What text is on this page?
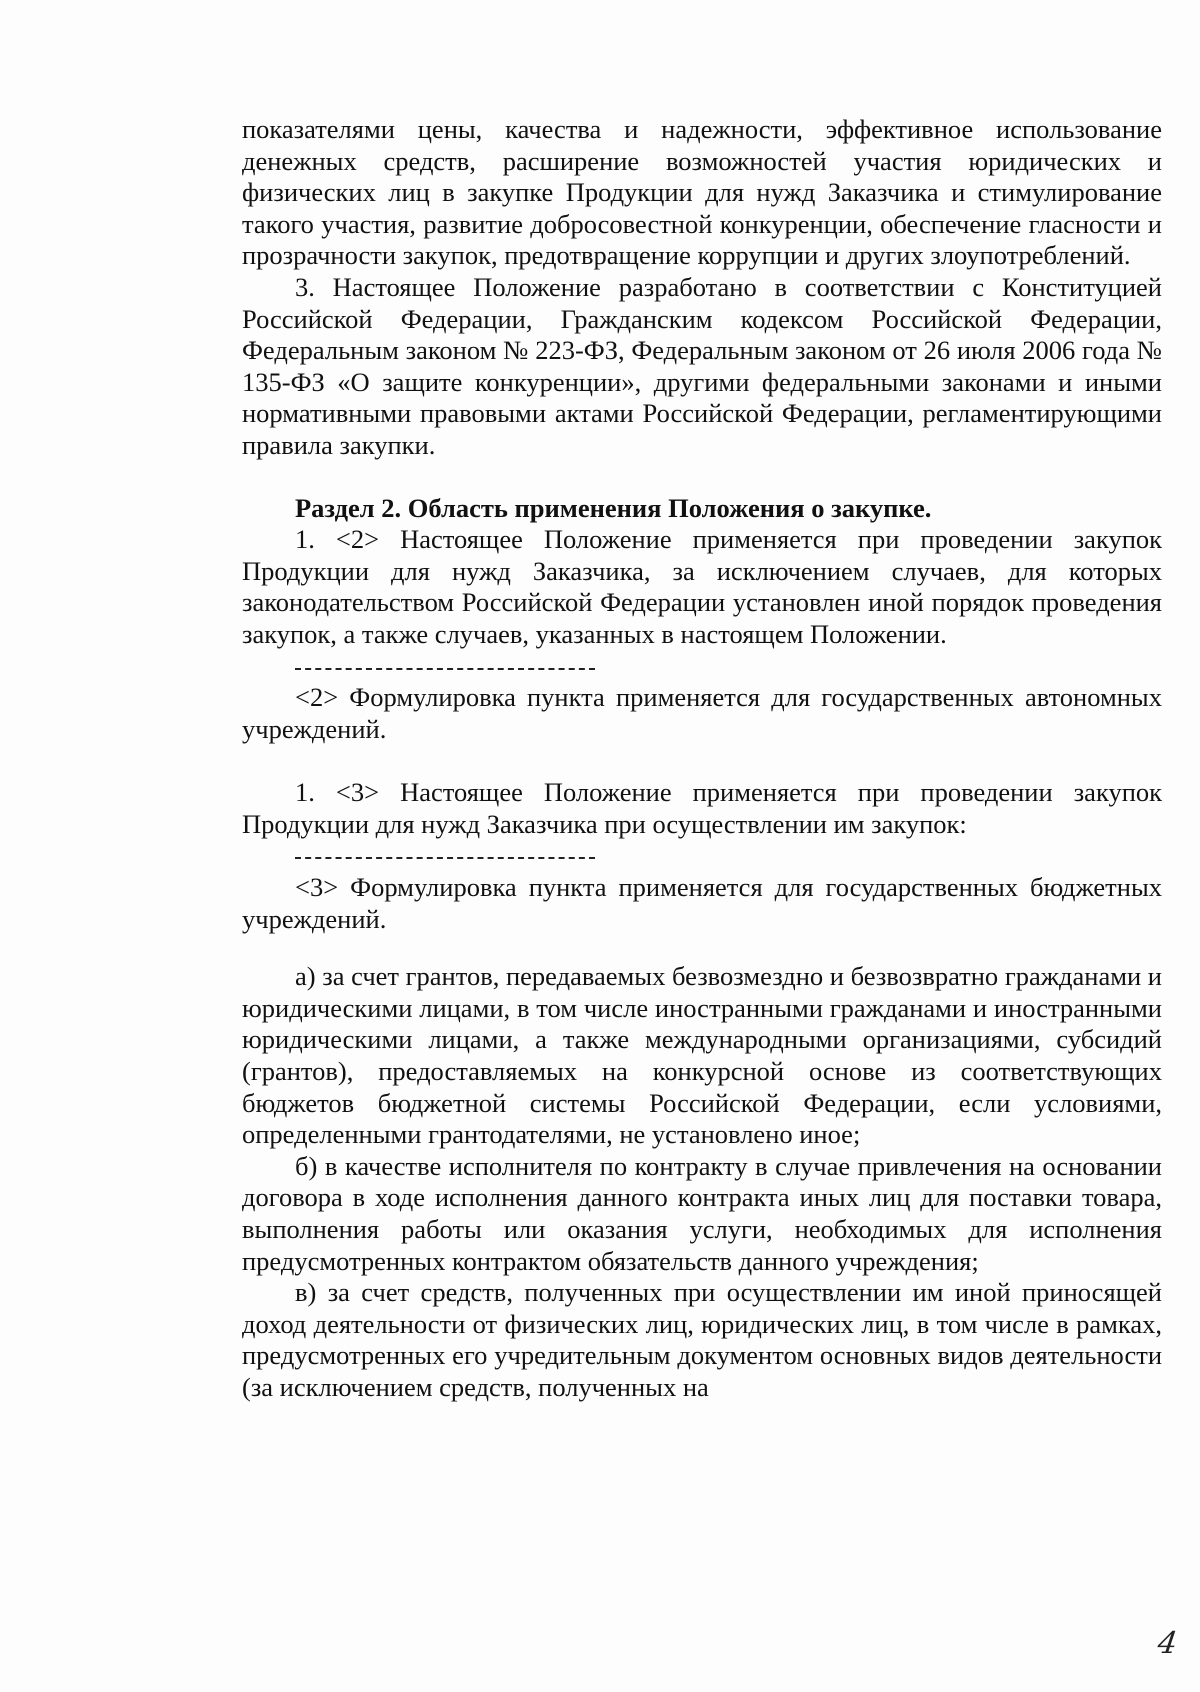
показателями цены, качества и надежности, эффективное использование денежных средств, расширение возможностей участия юридических и физических лиц в закупке Продукции для нужд Заказчика и стимулирование такого участия, развитие добросовестной конкуренции, обеспечение гласности и прозрачности закупок, предотвращение коррупции и других злоупотреблений.

3. Настоящее Положение разработано в соответствии с Конституцией Российской Федерации, Гражданским кодексом Российской Федерации, Федеральным законом № 223-ФЗ, Федеральным законом от 26 июля 2006 года № 135-ФЗ «О защите конкуренции», другими федеральными законами и иными нормативными правовыми актами Российской Федерации, регламентирующими правила закупки.

Раздел 2. Область применения Положения о закупке.

1. <2> Настоящее Положение применяется при проведении закупок Продукции для нужд Заказчика, за исключением случаев, для которых законодательством Российской Федерации установлен иной порядок проведения закупок, а также случаев, указанных в настоящем Положении.

<2> Формулировка пункта применяется для государственных автономных учреждений.

1. <3> Настоящее Положение применяется при проведении закупок Продукции для нужд Заказчика при осуществлении им закупок:

<3> Формулировка пункта применяется для государственных бюджетных учреждений.

а) за счет грантов, передаваемых безвозмездно и безвозвратно гражданами и юридическими лицами, в том числе иностранными гражданами и иностранными юридическими лицами, а также международными организациями, субсидий (грантов), предоставляемых на конкурсной основе из соответствующих бюджетов бюджетной системы Российской Федерации, если условиями, определенными грантодателями, не установлено иное;

б) в качестве исполнителя по контракту в случае привлечения на основании договора в ходе исполнения данного контракта иных лиц для поставки товара, выполнения работы или оказания услуги, необходимых для исполнения предусмотренных контрактом обязательств данного учреждения;

в) за счет средств, полученных при осуществлении им иной приносящей доход деятельности от физических лиц, юридических лиц, в том числе в рамках, предусмотренных его учредительным документом основных видов деятельности (за исключением средств, полученных на

4
